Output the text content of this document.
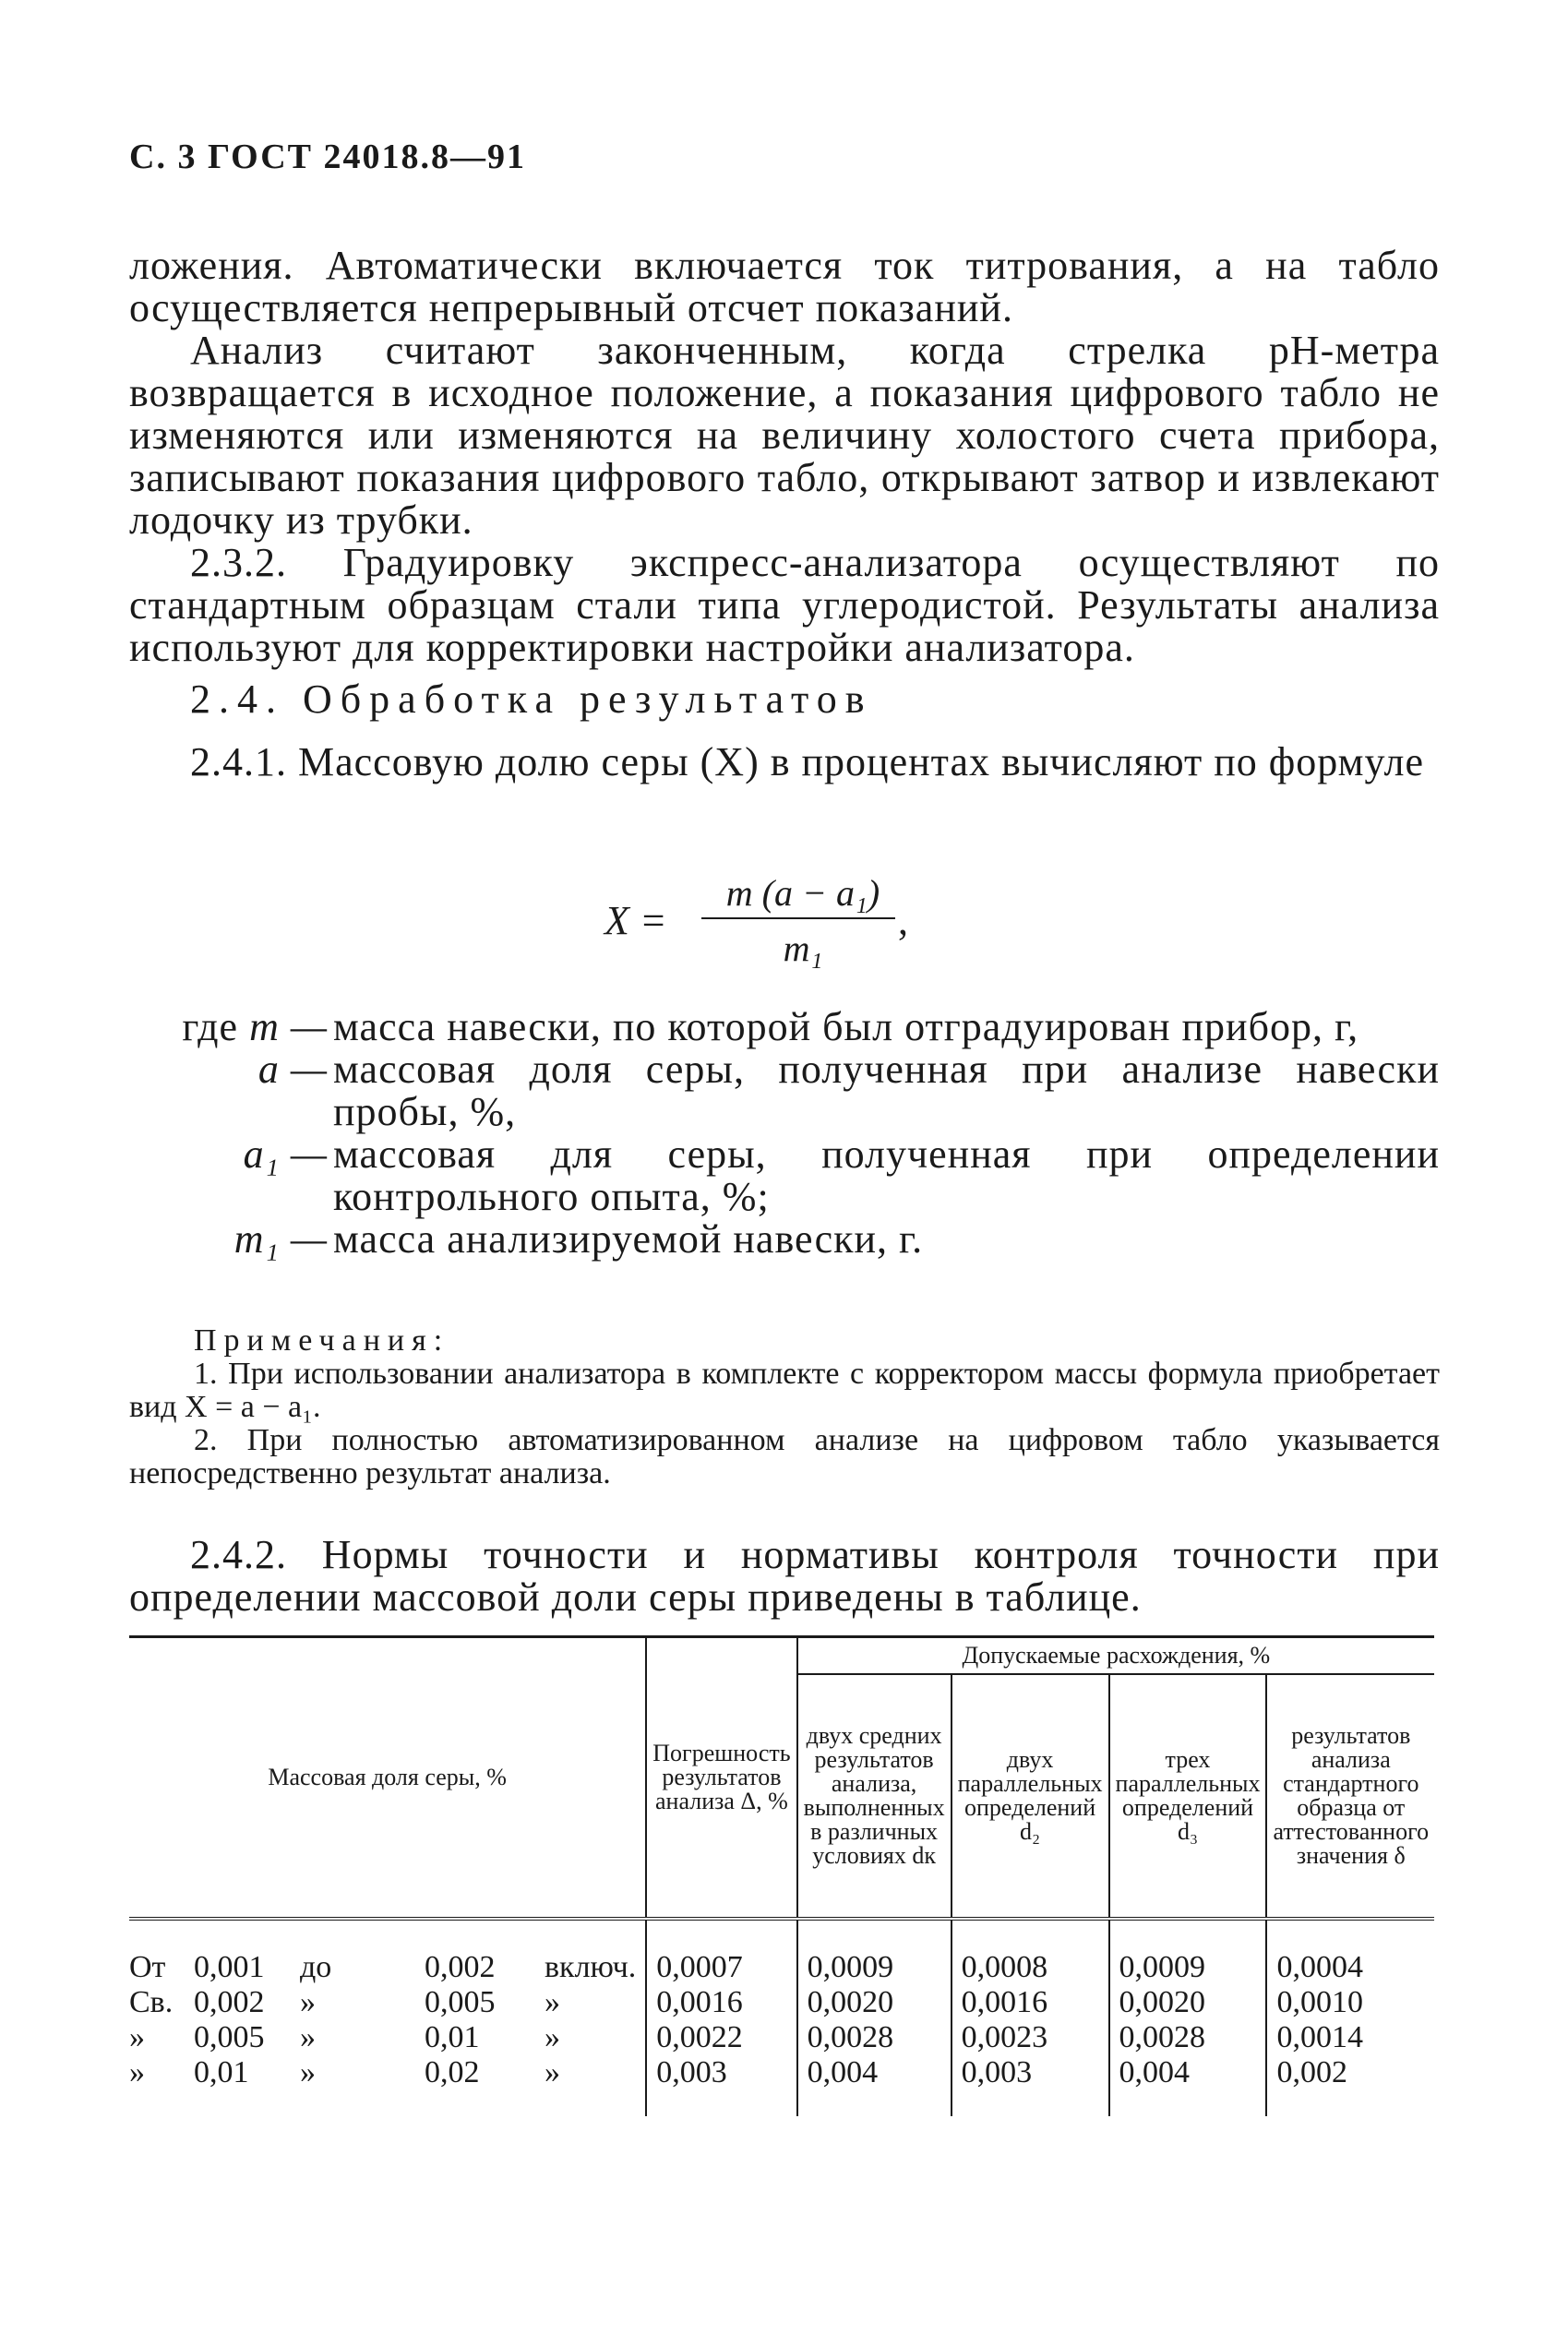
С. 3 ГОСТ 24018.8—91

ложения. Автоматически включается ток титрования, а на табло осуществляется непрерывный отсчет показаний.

Анализ считают законченным, когда стрелка pH-метра возвращается в исходное положение, а показания цифрового табло не изменяются или изменяются на величину холостого счета прибора, записывают показания цифрового табло, открывают затвор и извлекают лодочку из трубки.

2.3.2. Градуировку экспресс-анализатора осуществляют по стандартным образцам стали типа углеродистой. Результаты анализа используют для корректировки настройки анализатора.

2.4. Обработка результатов

2.4.1. Массовую долю серы (X) в процентах вычисляют по формуле

X =
m (a − a₁)
m₁
,
где m — масса навески, по которой был отградуирован прибор, г,
a — массовая доля серы, полученная при анализе навески пробы, %,
a₁ — массовая для серы, полученная при определении контрольного опыта, %;
m₁ — масса анализируемой навески, г.
Примечания:

1. При использовании анализатора в комплекте с корректором массы формула приобретает вид X = a − a₁.

2. При полностью автоматизированном анализе на цифровом табло указывается непосредственно результат анализа.

2.4.2. Нормы точности и нормативы контроля точности при определении массовой доли серы приведены в таблице.

Массовая доля серы, %	Погрешность результатов анализа Δ, %	Допускаемые расхождения, %			
		двух средних результатов анализа, выполненных в различных условиях dк	двух параллельных определений d₂	трех параллельных определений d₃	результатов анализа стандартного образца от аттестованного значения δ
От 0,001 до 0,002 включ.	0,0007	0,0009	0,0008	0,0009	0,0004
Св. 0,002 » 0,005 »	0,0016	0,0020	0,0016	0,0020	0,0010
» 0,005 » 0,01 »	0,0022	0,0028	0,0023	0,0028	0,0014
» 0,01 » 0,02 »	0,003	0,004	0,003	0,004	0,002
